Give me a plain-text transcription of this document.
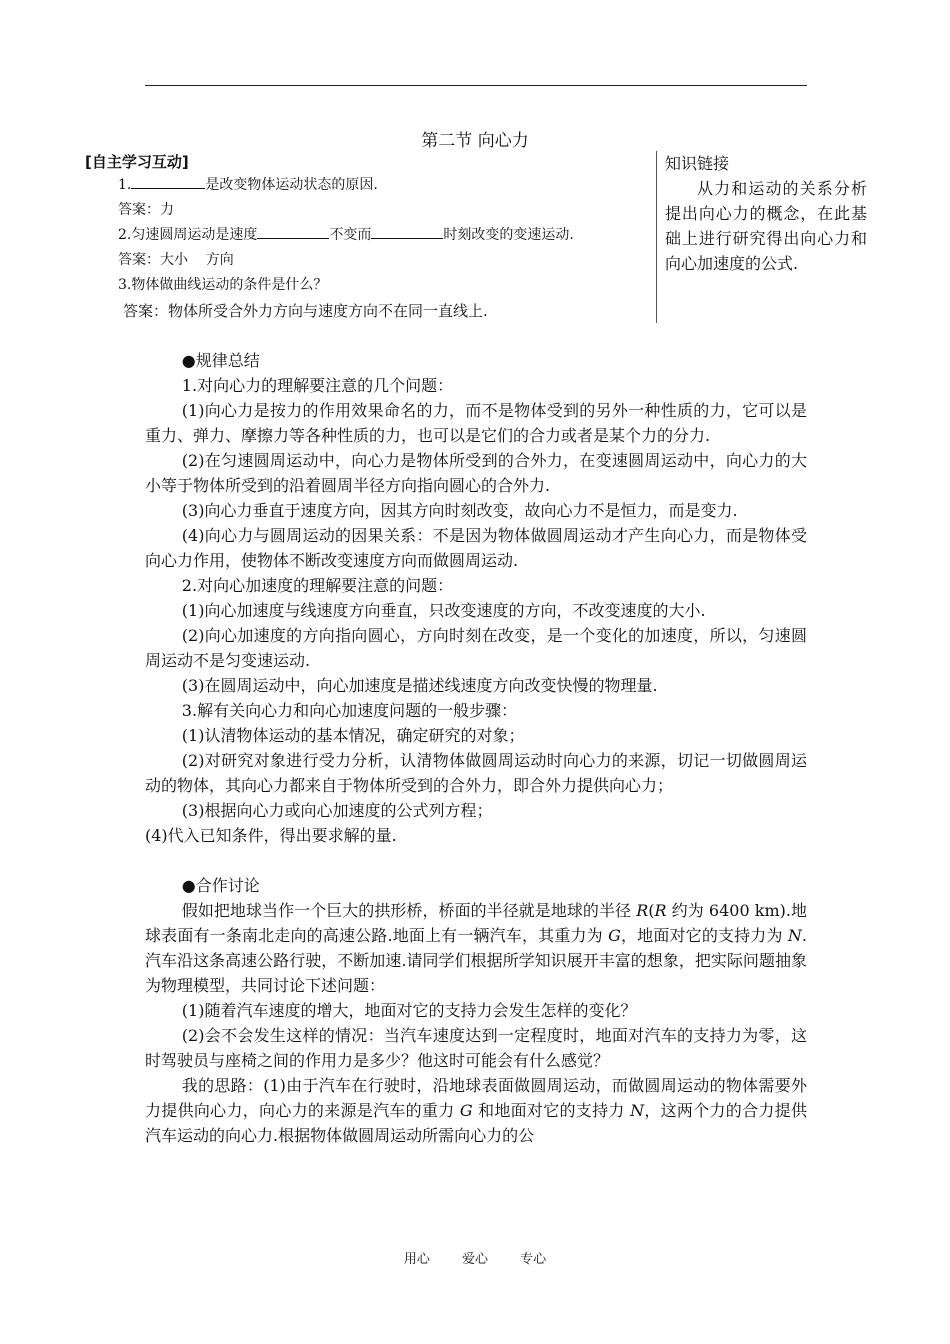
第二节 向心力
[自主学习互动]
1.	是改变物体运动状态的原因.
答案：力
2.匀速圆周运动是速度	不变而	时刻改变的变速运动.
答案：大小    方向
3.物体做曲线运动的条件是什么？
答案：物体所受合外力方向与速度方向不在同一直线上.
知识链接
从力和运动的关系分析提出向心力的概念，在此基础上进行研究得出向心力和向心加速度的公式.

●规律总结

1.对向心力的理解要注意的几个问题：

(1)向心力是按力的作用效果命名的力，而不是物体受到的另外一种性质的力，它可以是重力、弹力、摩擦力等各种性质的力，也可以是它们的合力或者是某个力的分力.

(2)在匀速圆周运动中，向心力是物体所受到的合外力，在变速圆周运动中，向心力的大小等于物体所受到的沿着圆周半径方向指向圆心的合外力.

(3)向心力垂直于速度方向，因其方向时刻改变，故向心力不是恒力，而是变力.

(4)向心力与圆周运动的因果关系：不是因为物体做圆周运动才产生向心力，而是物体受向心力作用，使物体不断改变速度方向而做圆周运动.

2.对向心加速度的理解要注意的问题：

(1)向心加速度与线速度方向垂直，只改变速度的方向，不改变速度的大小.

(2)向心加速度的方向指向圆心，方向时刻在改变，是一个变化的加速度，所以，匀速圆周运动不是匀变速运动.

(3)在圆周运动中，向心加速度是描述线速度方向改变快慢的物理量.

3.解有关向心力和向心加速度问题的一般步骤：

(1)认清物体运动的基本情况，确定研究的对象；

(2)对研究对象进行受力分析，认清物体做圆周运动时向心力的来源，切记一切做圆周运动的物体，其向心力都来自于物体所受到的合外力，即合外力提供向心力；

(3)根据向心力或向心加速度的公式列方程；

(4)代入已知条件，得出要求解的量.

●合作讨论

假如把地球当作一个巨大的拱形桥，桥面的半径就是地球的半径 R(R 约为 6400 km).地球表面有一条南北走向的高速公路.地面上有一辆汽车，其重力为 G，地面对它的支持力为 N.汽车沿这条高速公路行驶，不断加速.请同学们根据所学知识展开丰富的想象，把实际问题抽象为物理模型，共同讨论下述问题：

(1)随着汽车速度的增大，地面对它的支持力会发生怎样的变化？

(2)会不会发生这样的情况：当汽车速度达到一定程度时，地面对汽车的支持力为零，这时驾驶员与座椅之间的作用力是多少？他这时可能会有什么感觉？

我的思路：(1)由于汽车在行驶时，沿地球表面做圆周运动，而做圆周运动的物体需要外力提供向心力，向心力的来源是汽车的重力 G 和地面对它的支持力 N，这两个力的合力提供汽车运动的向心力.根据物体做圆周运动所需向心力的公

用心 爱心 专心
